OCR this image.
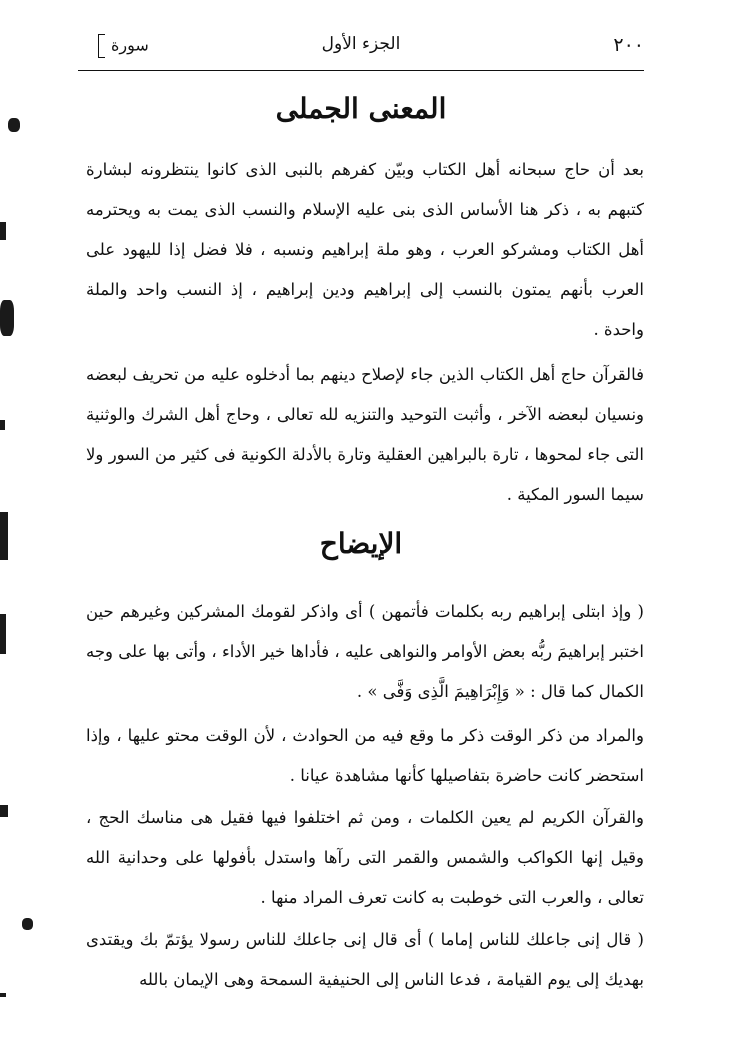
٢٠٠
الجزء الأول
سورة
المعنى الجملى

بعد أن حاج سبحانه أهل الكتاب وبيّن كفرهم بالنبى الذى كانوا ينتظرونه لبشارة كتبهم به ، ذكر هنا الأساس الذى بنى عليه الإسلام والنسب الذى يمت به ويحترمه أهل الكتاب ومشركو العرب ، وهو ملة إبراهيم ونسبه ، فلا فضل إذا لليهود على العرب بأنهم يمتون بالنسب إلى إبراهيم ودين إبراهيم ، إذ النسب واحد والملة واحدة .

فالقرآن حاج أهل الكتاب الذين جاء لإصلاح دينهم بما أدخلوه عليه من تحريف لبعضه ونسيان لبعضه الآخر ، وأثبت التوحيد والتنزيه لله تعالى ، وحاج أهل الشرك والوثنية التى جاء لمحوها ، تارة بالبراهين العقلية وتارة بالأدلة الكونية فى كثير من السور ولا سيما السور المكية .

الإيضاح

( وإذ ابتلى إبراهيم ربه بكلمات فأتمهن ) أى واذكر لقومك المشركين وغيرهم حين اختبر إبراهيمَ ربُّه بعض الأوامر والنواهى عليه ، فأداها خير الأداء ، وأتى بها على وجه الكمال كما قال : « وَإِبْرَاهِيمَ الَّذِى وَفَّى » .

والمراد من ذكر الوقت ذكر ما وقع فيه من الحوادث ، لأن الوقت محتو عليها ، وإذا استحضر كانت حاضرة بتفاصيلها كأنها مشاهدة عيانا .

والقرآن الكريم لم يعين الكلمات ، ومن ثم اختلفوا فيها فقيل هى مناسك الحج ، وقيل إنها الكواكب والشمس والقمر التى رآها واستدل بأفولها على وحدانية الله تعالى ، والعرب التى خوطبت به كانت تعرف المراد منها .

( قال إنى جاعلك للناس إماما ) أى قال إنى جاعلك للناس رسولا يؤتمّ بك ويقتدى بهديك إلى يوم القيامة ، فدعا الناس إلى الحنيفية السمحة وهى الإيمان بالله
